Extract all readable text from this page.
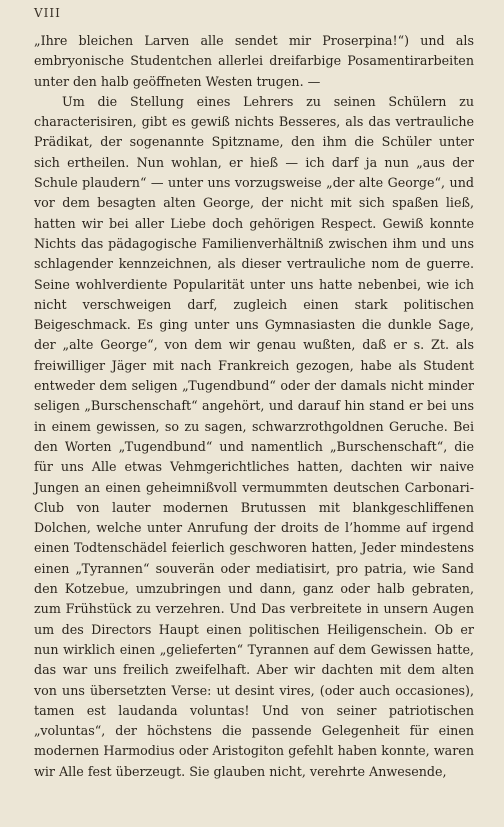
VIII

„Ihre bleichen Larven alle sendet mir Proserpina!“) und als embryonische Studentchen allerlei dreifarbige Posamentirarbeiten unter den halb geöffneten Westen trugen. —

Um die Stellung eines Lehrers zu seinen Schülern zu characterisiren, gibt es gewiß nichts Besseres, als das vertrauliche Prädikat, der sogenannte Spitzname, den ihm die Schüler unter sich ertheilen. Nun wohlan, er hieß — ich darf ja nun „aus der Schule plaudern“ — unter uns vorzugsweise „der alte George“, und vor dem besagten alten George, der nicht mit sich spaßen ließ, hatten wir bei aller Liebe doch gehörigen Respect. Gewiß konnte Nichts das pädagogische Familienverhältniß zwischen ihm und uns schlagender kennzeichnen, als dieser vertrauliche nom de guerre. Seine wohlverdiente Popularität unter uns hatte nebenbei, wie ich nicht verschweigen darf, zugleich einen stark politischen Beigeschmack. Es ging unter uns Gymnasiasten die dunkle Sage, der „alte George“, von dem wir genau wußten, daß er s. Zt. als freiwilliger Jäger mit nach Frankreich gezogen, habe als Student entweder dem seligen „Tugendbund“ oder der damals nicht minder seligen „Burschenschaft“ angehört, und darauf hin stand er bei uns in einem gewissen, so zu sagen, schwarzrothgoldnen Geruche. Bei den Worten „Tugendbund“ und namentlich „Burschenschaft“, die für uns Alle etwas Vehmgerichtliches hatten, dachten wir naive Jungen an einen geheimnißvoll vermummten deutschen Carbonari-Club von lauter modernen Brutussen mit blankgeschliffenen Dolchen, welche unter Anrufung der droits de l’homme auf irgend einen Todtenschädel feierlich geschworen hatten, Jeder mindestens einen „Tyrannen“ souverän oder mediatisirt, pro patria, wie Sand den Kotzebue, umzubringen und dann, ganz oder halb gebraten, zum Frühstück zu verzehren. Und Das verbreitete in unsern Augen um des Directors Haupt einen politischen Heiligenschein. Ob er nun wirklich einen „gelieferten“ Tyrannen auf dem Gewissen hatte, das war uns freilich zweifelhaft. Aber wir dachten mit dem alten von uns übersetzten Verse: ut desint vires, (oder auch occasiones), tamen est laudanda voluntas! Und von seiner patriotischen „voluntas“, der höchstens die passende Gelegenheit für einen modernen Harmodius oder Aristogiton gefehlt haben konnte, waren wir Alle fest überzeugt. Sie glauben nicht, verehrte Anwesende,
